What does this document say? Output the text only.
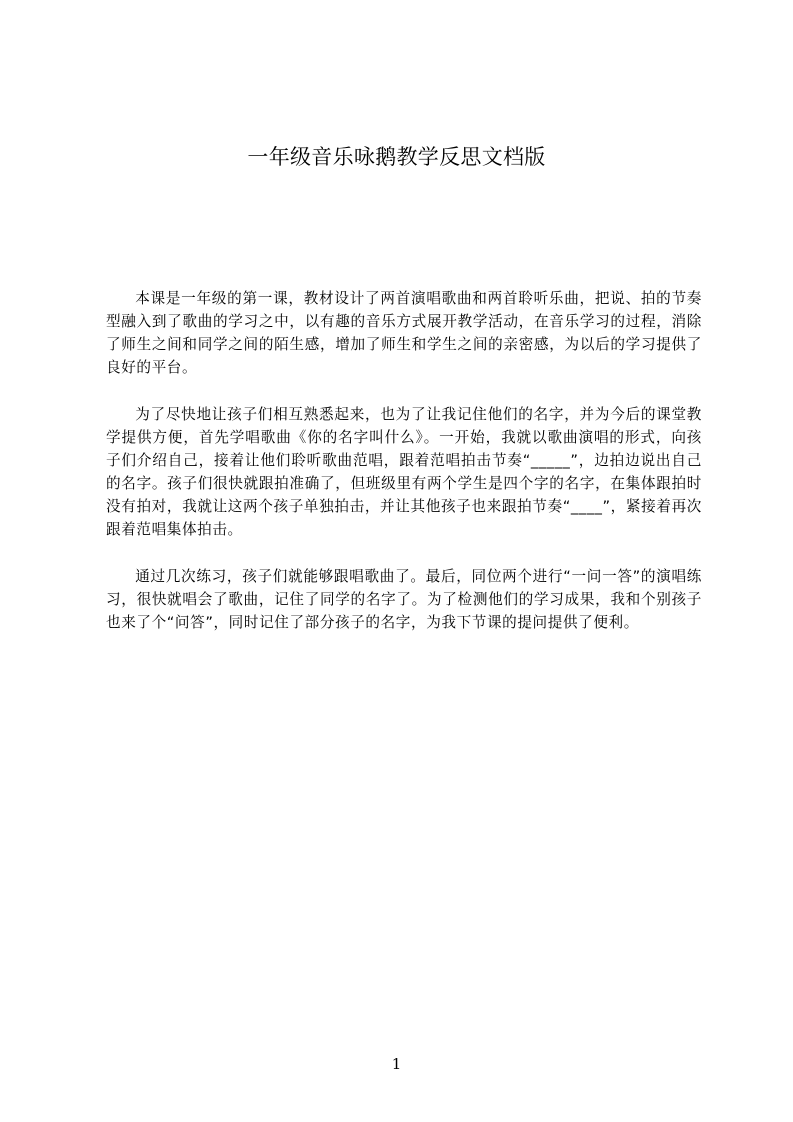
一年级音乐咏鹅教学反思文档版

本课是一年级的第一课，教材设计了两首演唱歌曲和两首聆听乐曲，把说、拍的节奏型融入到了歌曲的学习之中，以有趣的音乐方式展开教学活动，在音乐学习的过程，消除了师生之间和同学之间的陌生感，增加了师生和学生之间的亲密感，为以后的学习提供了良好的平台。

为了尽快地让孩子们相互熟悉起来，也为了让我记住他们的名字，并为今后的课堂教学提供方便，首先学唱歌曲《你的名字叫什么》。一开始，我就以歌曲演唱的形式，向孩子们介绍自己，接着让他们聆听歌曲范唱，跟着范唱拍击节奏“_____”，边拍边说出自己的名字。孩子们很快就跟拍准确了，但班级里有两个学生是四个字的名字，在集体跟拍时没有拍对，我就让这两个孩子单独拍击，并让其他孩子也来跟拍节奏“____”，紧接着再次跟着范唱集体拍击。

通过几次练习，孩子们就能够跟唱歌曲了。最后，同位两个进行“一问一答”的演唱练习，很快就唱会了歌曲，记住了同学的名字了。为了检测他们的学习成果，我和个别孩子也来了个“问答”，同时记住了部分孩子的名字，为我下节课的提问提供了便利。

1
